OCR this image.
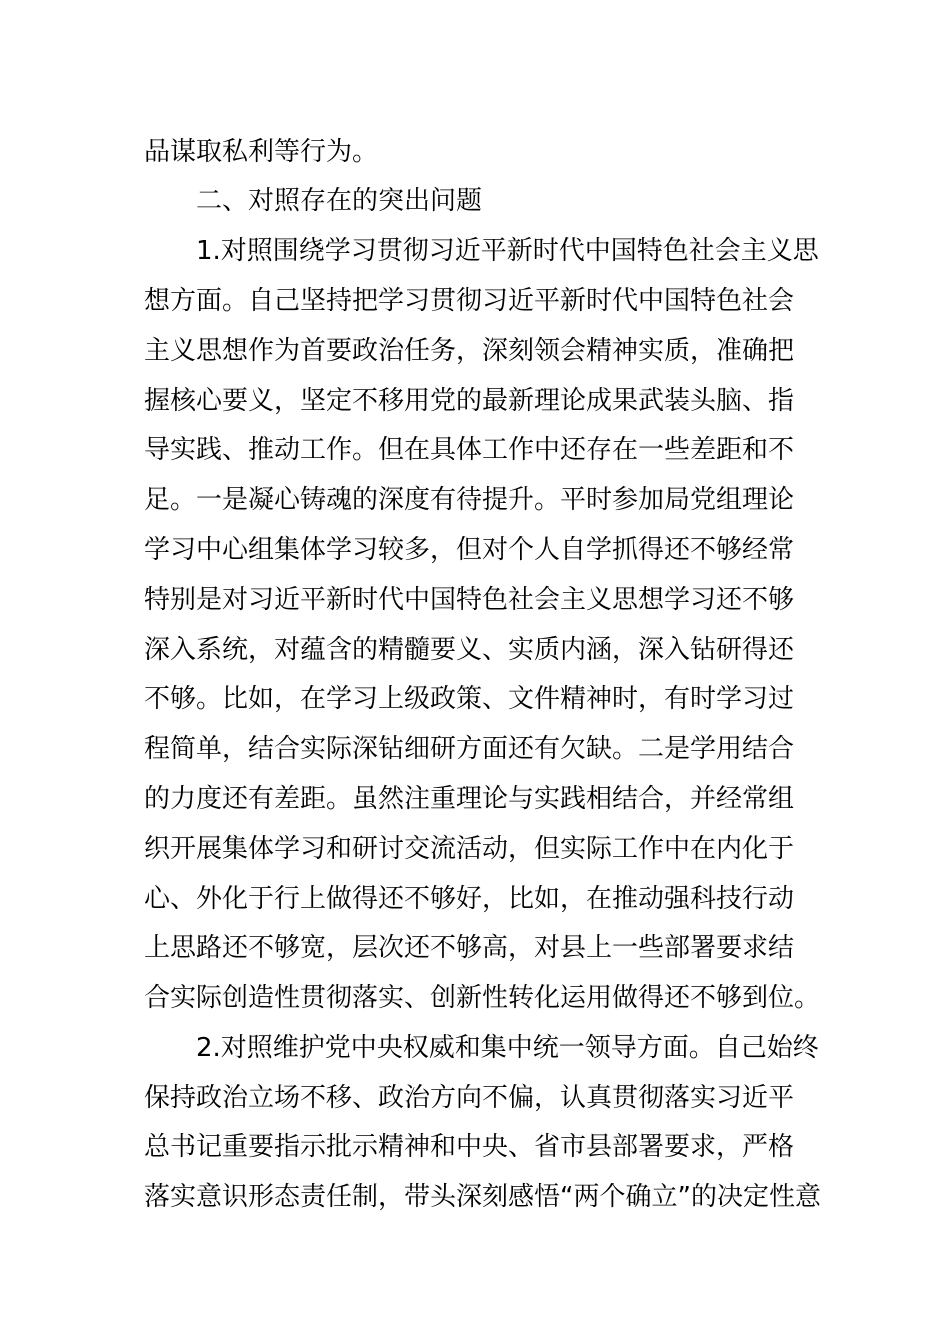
品谋取私利等行为。
二、对照存在的突出问题
1.对照围绕学习贯彻习近平新时代中国特色社会主义思
想方面。自己坚持把学习贯彻习近平新时代中国特色社会
主义思想作为首要政治任务，深刻领会精神实质，准确把
握核心要义，坚定不移用党的最新理论成果武装头脑、指
导实践、推动工作。但在具体工作中还存在一些差距和不
足。一是凝心铸魂的深度有待提升。平时参加局党组理论
学习中心组集体学习较多，但对个人自学抓得还不够经常
特别是对习近平新时代中国特色社会主义思想学习还不够
深入系统，对蕴含的精髓要义、实质内涵，深入钻研得还
不够。比如，在学习上级政策、文件精神时，有时学习过
程简单，结合实际深钻细研方面还有欠缺。二是学用结合
的力度还有差距。虽然注重理论与实践相结合，并经常组
织开展集体学习和研讨交流活动，但实际工作中在内化于
心、外化于行上做得还不够好，比如，在推动强科技行动
上思路还不够宽，层次还不够高，对县上一些部署要求结
合实际创造性贯彻落实、创新性转化运用做得还不够到位。
2.对照维护党中央权威和集中统一领导方面。自己始终
保持政治立场不移、政治方向不偏，认真贯彻落实习近平
总书记重要指示批示精神和中央、省市县部署要求，严格
落实意识形态责任制，带头深刻感悟“两个确立”的决定性意
